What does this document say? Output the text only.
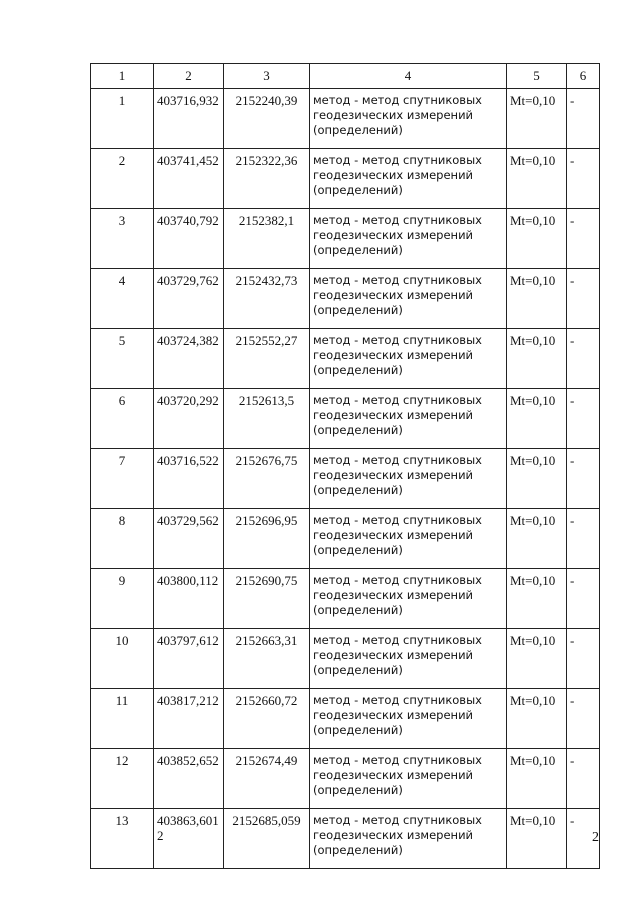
1	2	3	4	5	6
1	403716,932	2152240,39	метод - метод спутниковых геодезических измерений (определений)	Mt=0,10	-
2	403741,452	2152322,36	метод - метод спутниковых геодезических измерений (определений)	Mt=0,10	-
3	403740,792	2152382,1	метод - метод спутниковых геодезических измерений (определений)	Mt=0,10	-
4	403729,762	2152432,73	метод - метод спутниковых геодезических измерений (определений)	Mt=0,10	-
5	403724,382	2152552,27	метод - метод спутниковых геодезических измерений (определений)	Mt=0,10	-
6	403720,292	2152613,5	метод - метод спутниковых геодезических измерений (определений)	Mt=0,10	-
7	403716,522	2152676,75	метод - метод спутниковых геодезических измерений (определений)	Mt=0,10	-
8	403729,562	2152696,95	метод - метод спутниковых геодезических измерений (определений)	Mt=0,10	-
9	403800,112	2152690,75	метод - метод спутниковых геодезических измерений (определений)	Mt=0,10	-
10	403797,612	2152663,31	метод - метод спутниковых геодезических измерений (определений)	Mt=0,10	-
11	403817,212	2152660,72	метод - метод спутниковых геодезических измерений (определений)	Mt=0,10	-
12	403852,652	2152674,49	метод - метод спутниковых геодезических измерений (определений)	Mt=0,10	-
13	403863,6012	2152685,059	метод - метод спутниковых геодезических измерений (определений)	Mt=0,10	-
2
